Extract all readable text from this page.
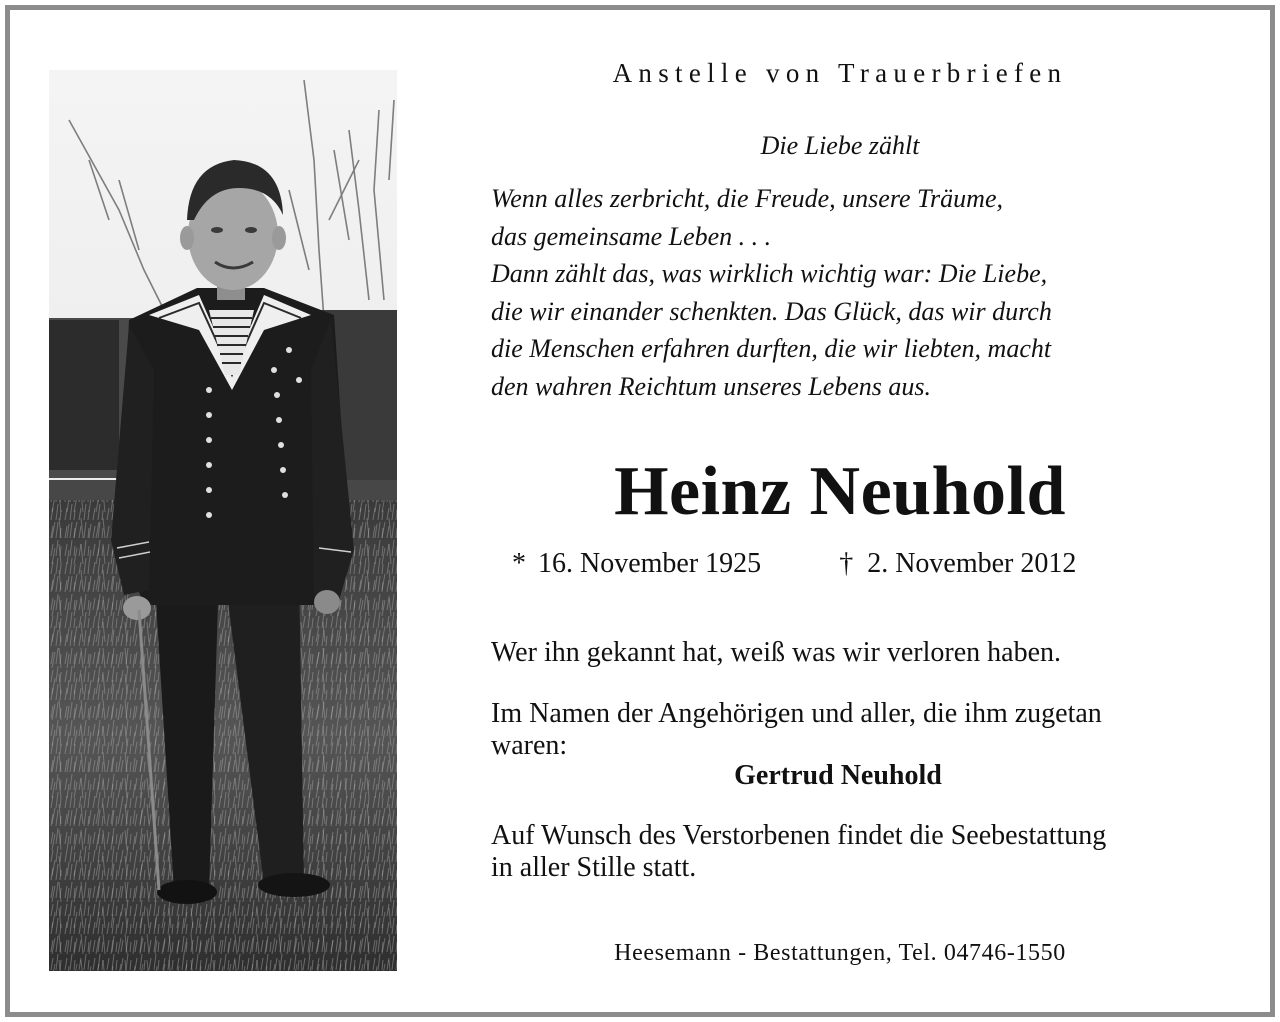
Anstelle von Trauerbriefen
Die Liebe zählt
Wenn alles zerbricht, die Freude, unsere Träume,
das gemeinsame Leben . . .
Dann zählt das, was wirklich wichtig war: Die Liebe,
die wir einander schenkten. Das Glück, das wir durch
die Menschen erfahren durften, die wir liebten, macht
den wahren Reichtum unseres Lebens aus.
Heinz Neuhold
* 16. November 1925	† 2. November 2012
Wer ihn gekannt hat, weiß was wir verloren haben.
Im Namen der Angehörigen und aller, die ihm zugetan
waren:
Gertrud Neuhold
Auf Wunsch des Verstorbenen findet die Seebestattung
in aller Stille statt.
Heesemann - Bestattungen, Tel. 04746-1550
